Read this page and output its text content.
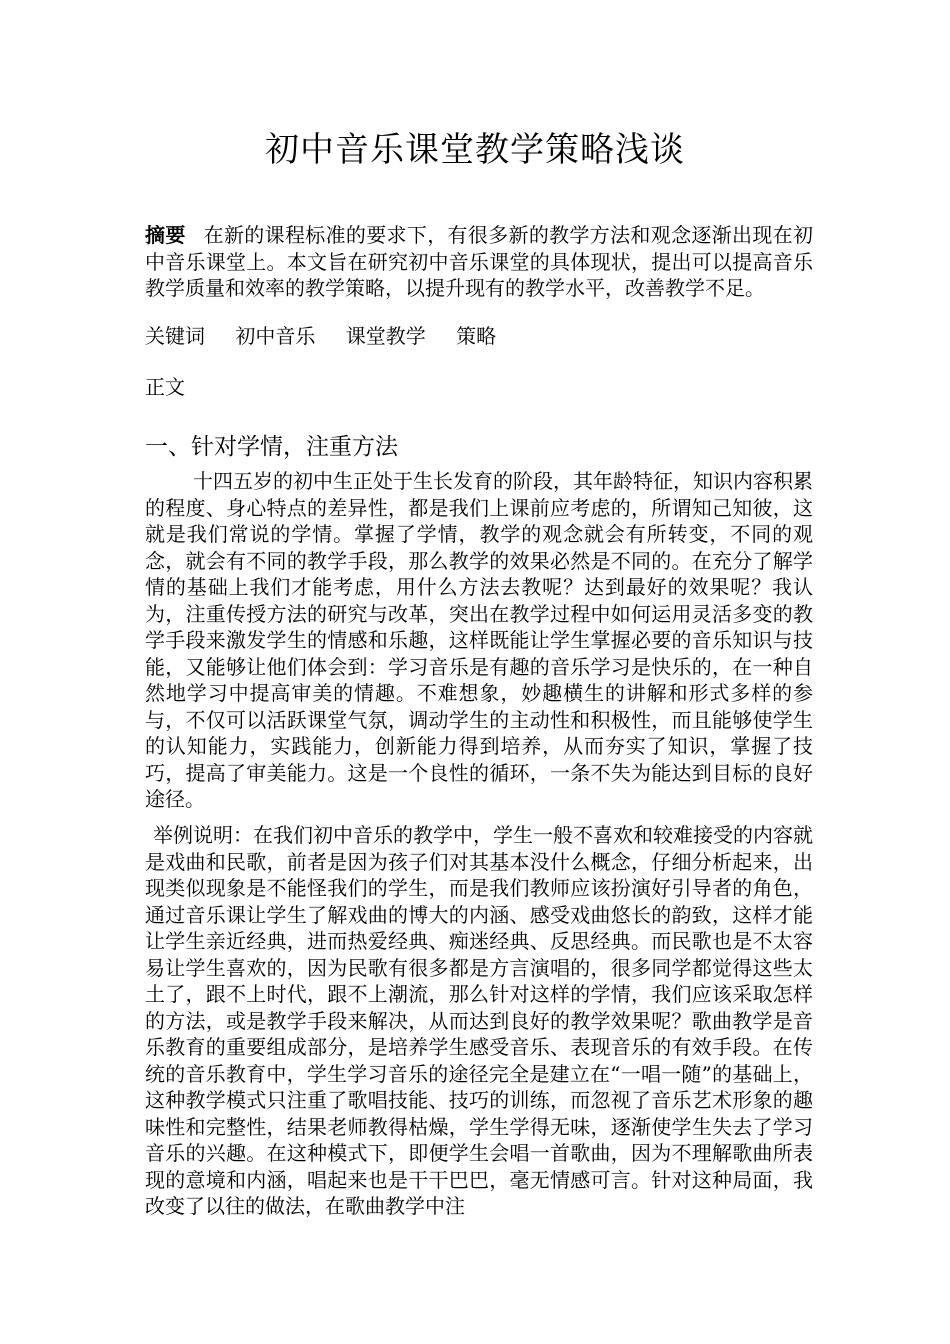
初中音乐课堂教学策略浅谈

摘要 在新的课程标准的要求下，有很多新的教学方法和观念逐渐出现在初中音乐课堂上。本文旨在研究初中音乐课堂的具体现状，提出可以提高音乐教学质量和效率的教学策略，以提升现有的教学水平，改善教学不足。

关键词 初中音乐 课堂教学 策略
正文
一、针对学情，注重方法

十四五岁的初中生正处于生长发育的阶段，其年龄特征，知识内容积累的程度、身心特点的差异性，都是我们上课前应考虑的，所谓知己知彼，这就是我们常说的学情。掌握了学情，教学的观念就会有所转变，不同的观念，就会有不同的教学手段，那么教学的效果必然是不同的。在充分了解学情的基础上我们才能考虑，用什么方法去教呢？达到最好的效果呢？我认为，注重传授方法的研究与改革，突出在教学过程中如何运用灵活多变的教学手段来激发学生的情感和乐趣，这样既能让学生掌握必要的音乐知识与技能，又能够让他们体会到：学习音乐是有趣的音乐学习是快乐的，在一种自然地学习中提高审美的情趣。不难想象，妙趣横生的讲解和形式多样的参与，不仅可以活跃课堂气氛，调动学生的主动性和积极性，而且能够使学生的认知能力，实践能力，创新能力得到培养，从而夯实了知识，掌握了技巧，提高了审美能力。这是一个良性的循环，一条不失为能达到目标的良好途径。

举例说明：在我们初中音乐的教学中，学生一般不喜欢和较难接受的内容就是戏曲和民歌，前者是因为孩子们对其基本没什么概念，仔细分析起来，出现类似现象是不能怪我们的学生，而是我们教师应该扮演好引导者的角色，通过音乐课让学生了解戏曲的博大的内涵、感受戏曲悠长的韵致，这样才能让学生亲近经典，进而热爱经典、痴迷经典、反思经典。而民歌也是不太容易让学生喜欢的，因为民歌有很多都是方言演唱的，很多同学都觉得这些太土了，跟不上时代，跟不上潮流，那么针对这样的学情，我们应该采取怎样的方法，或是教学手段来解决，从而达到良好的教学效果呢？歌曲教学是音乐教育的重要组成部分，是培养学生感受音乐、表现音乐的有效手段。在传统的音乐教育中，学生学习音乐的途径完全是建立在“一唱一随”的基础上，这种教学模式只注重了歌唱技能、技巧的训练，而忽视了音乐艺术形象的趣味性和完整性，结果老师教得枯燥，学生学得无味，逐渐使学生失去了学习音乐的兴趣。在这种模式下，即便学生会唱一首歌曲，因为不理解歌曲所表现的意境和内涵，唱起来也是干干巴巴，毫无情感可言。针对这种局面，我改变了以往的做法，在歌曲教学中注
